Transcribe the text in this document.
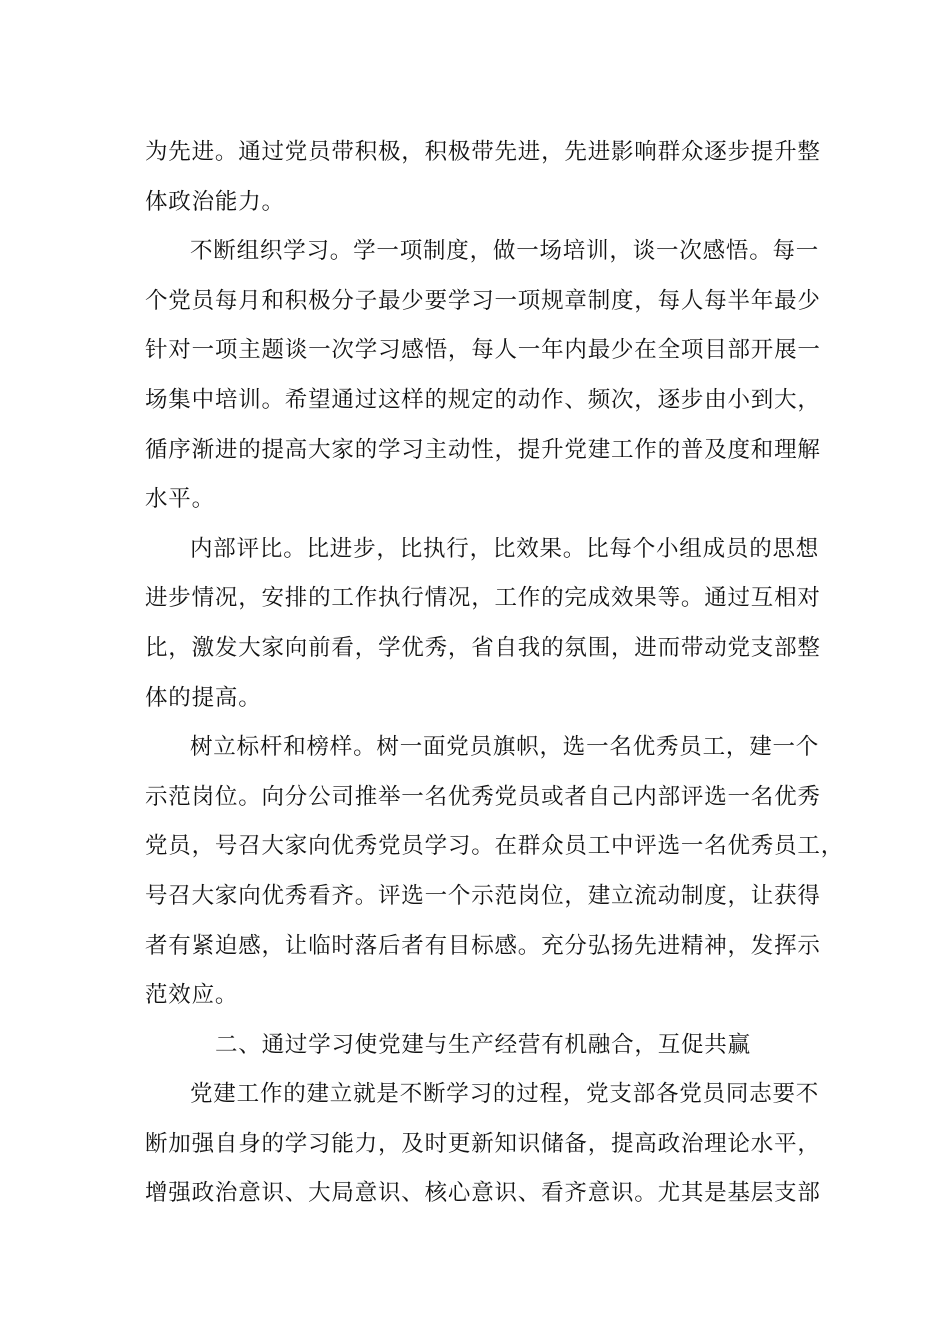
为先进。通过党员带积极，积极带先进，先进影响群众逐步提升整
体政治能力。
不断组织学习。学一项制度，做一场培训，谈一次感悟。每一
个党员每月和积极分子最少要学习一项规章制度，每人每半年最少
针对一项主题谈一次学习感悟，每人一年内最少在全项目部开展一
场集中培训。希望通过这样的规定的动作、频次，逐步由小到大，
循序渐进的提高大家的学习主动性，提升党建工作的普及度和理解
水平。
内部评比。比进步，比执行，比效果。比每个小组成员的思想
进步情况，安排的工作执行情况，工作的完成效果等。通过互相对
比，激发大家向前看，学优秀，省自我的氛围，进而带动党支部整
体的提高。
树立标杆和榜样。树一面党员旗帜，选一名优秀员工，建一个
示范岗位。向分公司推举一名优秀党员或者自己内部评选一名优秀
党员，号召大家向优秀党员学习。在群众员工中评选一名优秀员工，
号召大家向优秀看齐。评选一个示范岗位，建立流动制度，让获得
者有紧迫感，让临时落后者有目标感。充分弘扬先进精神，发挥示
范效应。
二、通过学习使党建与生产经营有机融合，互促共赢
党建工作的建立就是不断学习的过程，党支部各党员同志要不
断加强自身的学习能力，及时更新知识储备，提高政治理论水平，
增强政治意识、大局意识、核心意识、看齐意识。尤其是基层支部
